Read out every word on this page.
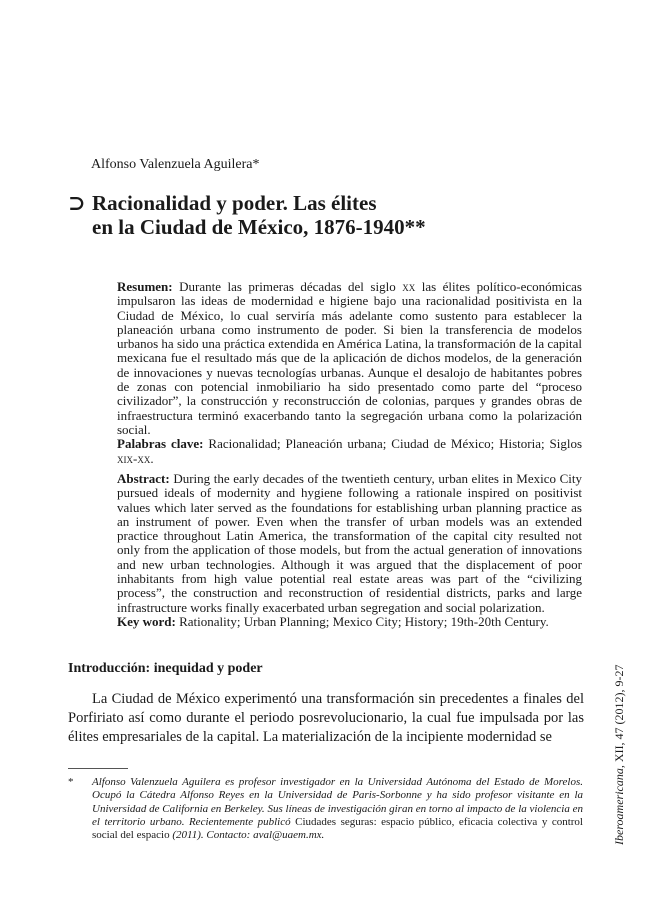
Alfonso Valenzuela Aguilera*
⊃ Racionalidad y poder. Las élites
en la Ciudad de México, 1876-1940**
Resumen: Durante las primeras décadas del siglo xx las élites político-económicas impulsaron las ideas de modernidad e higiene bajo una racionalidad positivista en la Ciudad de México, lo cual serviría más adelante como sustento para establecer la planeación urbana como instrumento de poder. Si bien la transferencia de modelos urbanos ha sido una práctica extendida en América Latina, la transformación de la capital mexicana fue el resultado más que de la aplicación de dichos modelos, de la generación de innovaciones y nuevas tecnologías urbanas. Aunque el desalojo de habitantes pobres de zonas con potencial inmobiliario ha sido presentado como parte del “proceso civilizador”, la construcción y reconstrucción de colonias, parques y grandes obras de infraestructura terminó exacerbando tanto la segregación urbana como la polarización social.
Palabras clave: Racionalidad; Planeación urbana; Ciudad de México; Historia; Siglos xix-xx.
Abstract: During the early decades of the twentieth century, urban elites in Mexico City pursued ideals of modernity and hygiene following a rationale inspired on positivist values which later served as the foundations for establishing urban planning practice as an instrument of power. Even when the transfer of urban models was an extended practice throughout Latin America, the transformation of the capital city resulted not only from the application of those models, but from the actual generation of innovations and new urban technologies. Although it was argued that the displacement of poor inhabitants from high value potential real estate areas was part of the “civilizing process”, the construction and reconstruction of residential districts, parks and large infrastructure works finally exacerbated urban segregation and social polarization.
Key word: Rationality; Urban Planning; Mexico City; History; 19th-20th Century.
Introducción: inequidad y poder
La Ciudad de México experimentó una transformación sin precedentes a finales del Porfiriato así como durante el periodo posrevolucionario, la cual fue impulsada por las élites empresariales de la capital. La materialización de la incipiente modernidad se
*	Alfonso Valenzuela Aguilera es profesor investigador en la Universidad Autónoma del Estado de Morelos. Ocupó la Cátedra Alfonso Reyes en la Universidad de Paris-Sorbonne y ha sido profesor visitante en la Universidad de California en Berkeley. Sus líneas de investigación giran en torno al impacto de la violencia en el territorio urbano. Recientemente publicó Ciudades seguras: espacio público, eficacia colectiva y control social del espacio (2011). Contacto: aval@uaem.mx.	Iberoamericana, XII, 47 (2012), 9-27
